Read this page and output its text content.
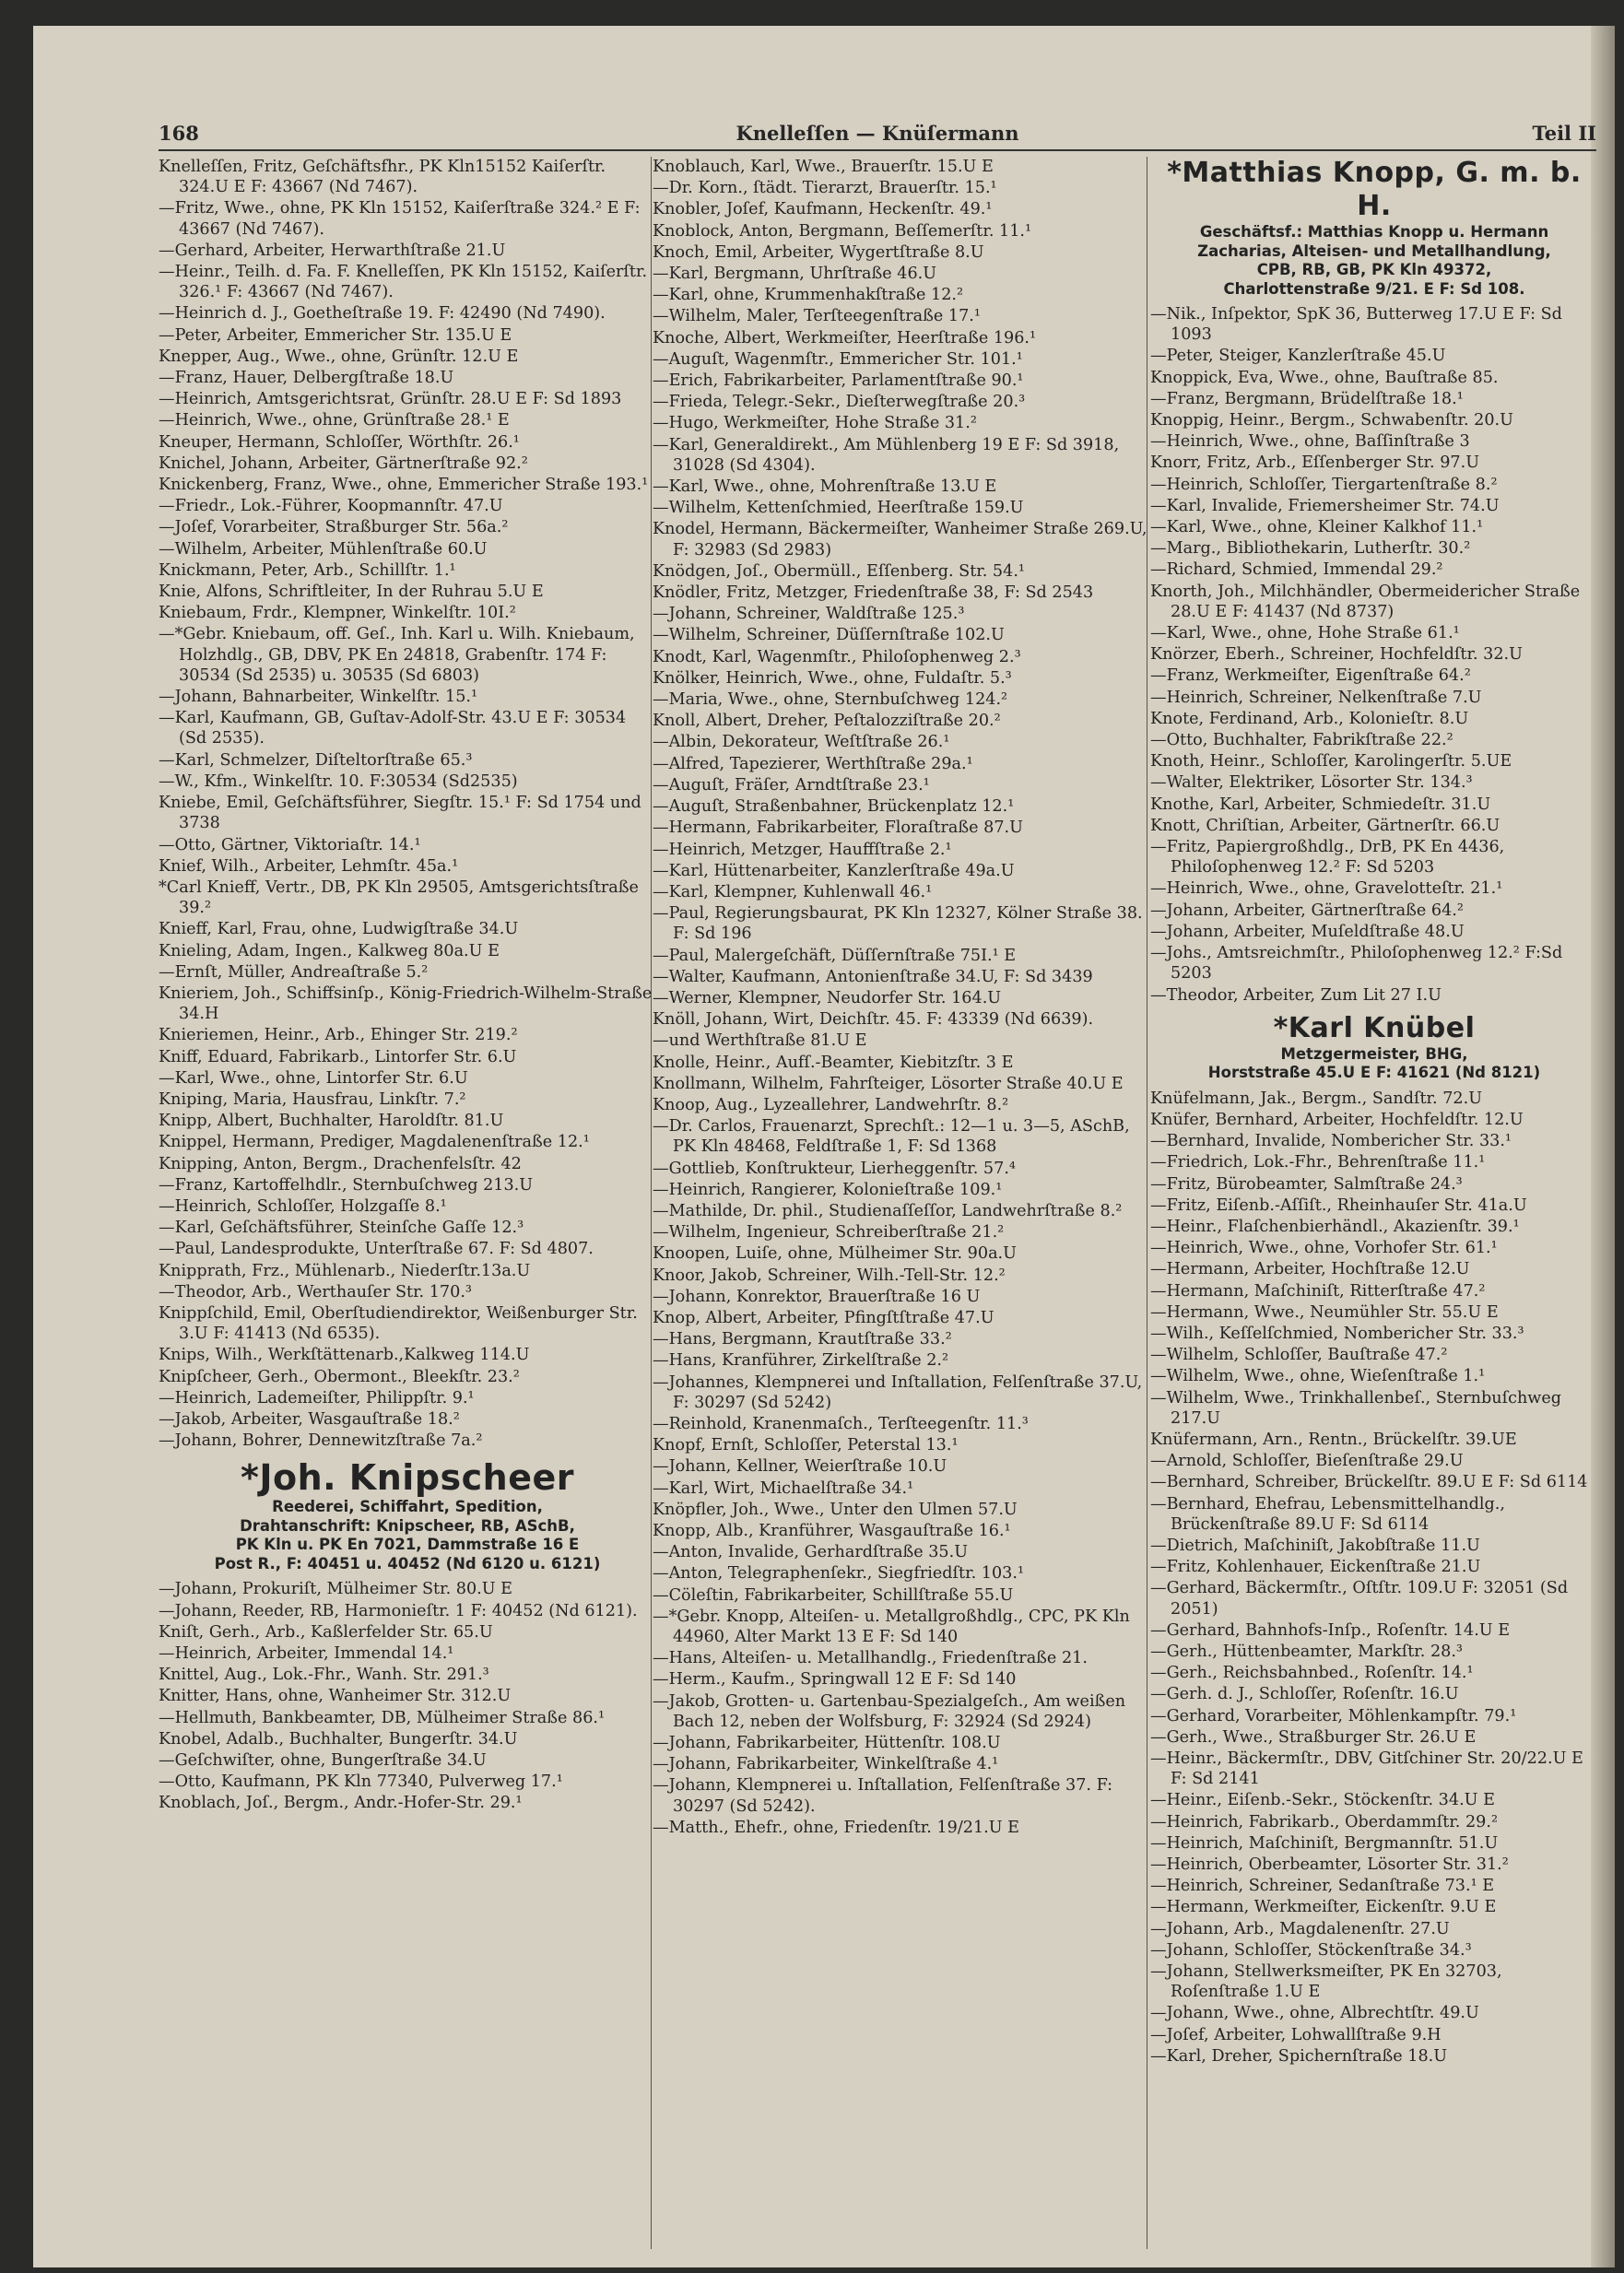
168	Knelleſſen — Knüſermann	Teil II

Knelleſſen, Fritz, Geſchäftsfhr., PK Kln15152 Kaiſerſtr. 324.U E F: 43667 (Nd 7467).

—Fritz, Wwe., ohne, PK Kln 15152, Kaiſerſtraße 324.² E F: 43667 (Nd 7467).

—Gerhard, Arbeiter, Herwarthſtraße 21.U

—Heinr., Teilh. d. Fa. F. Knelleſſen, PK Kln 15152, Kaiſerſtr. 326.¹ F: 43667 (Nd 7467).

—Heinrich d. J., Goetheſtraße 19. F: 42490 (Nd 7490).

—Peter, Arbeiter, Emmericher Str. 135.U E

Knepper, Aug., Wwe., ohne, Grünſtr. 12.U E

—Franz, Hauer, Delbergſtraße 18.U

—Heinrich, Amtsgerichtsrat, Grünſtr. 28.U E F: Sd 1893

—Heinrich, Wwe., ohne, Grünſtraße 28.¹ E

Kneuper, Hermann, Schloſſer, Wörthſtr. 26.¹

Knichel, Johann, Arbeiter, Gärtnerſtraße 92.²

Knickenberg, Franz, Wwe., ohne, Emmericher Straße 193.¹

—Friedr., Lok.-Führer, Koopmannſtr. 47.U

—Joſef, Vorarbeiter, Straßburger Str. 56a.²

—Wilhelm, Arbeiter, Mühlenſtraße 60.U

Knickmann, Peter, Arb., Schillſtr. 1.¹

Knie, Alfons, Schriftleiter, In der Ruhrau 5.U E

Kniebaum, Frdr., Klempner, Winkelſtr. 10I.²

—*Gebr. Kniebaum, off. Geſ., Inh. Karl u. Wilh. Kniebaum, Holzhdlg., GB, DBV, PK En 24818, Grabenſtr. 174 F: 30534 (Sd 2535) u. 30535 (Sd 6803)

—Johann, Bahnarbeiter, Winkelſtr. 15.¹

—Karl, Kaufmann, GB, Guſtav-Adolf-Str. 43.U E F: 30534 (Sd 2535).

—Karl, Schmelzer, Diſteltorſtraße 65.³

—W., Kfm., Winkelſtr. 10. F:30534 (Sd2535)

Kniebe, Emil, Geſchäftsführer, Siegſtr. 15.¹ F: Sd 1754 und 3738

—Otto, Gärtner, Viktoriaſtr. 14.¹

Knief, Wilh., Arbeiter, Lehmſtr. 45a.¹

*Carl Knieff, Vertr., DB, PK Kln 29505, Amtsgerichtsſtraße 39.²

Knieff, Karl, Frau, ohne, Ludwigſtraße 34.U

Knieling, Adam, Ingen., Kalkweg 80a.U E

—Ernſt, Müller, Andreaſtraße 5.²

Knieriem, Joh., Schiffsinſp., König-Friedrich-Wilhelm-Straße 34.H

Knieriemen, Heinr., Arb., Ehinger Str. 219.²

Kniff, Eduard, Fabrikarb., Lintorfer Str. 6.U

—Karl, Wwe., ohne, Lintorfer Str. 6.U

Kniping, Maria, Hausfrau, Linkſtr. 7.²

Knipp, Albert, Buchhalter, Haroldſtr. 81.U

Knippel, Hermann, Prediger, Magdalenenſtraße 12.¹

Knipping, Anton, Bergm., Drachenfelsſtr. 42

—Franz, Kartoffelhdlr., Sternbuſchweg 213.U

—Heinrich, Schloſſer, Holzgaſſe 8.¹

—Karl, Geſchäftsführer, Steinſche Gaſſe 12.³

—Paul, Landesprodukte, Unterſtraße 67. F: Sd 4807.

Knipprath, Frz., Mühlenarb., Niederſtr.13a.U

—Theodor, Arb., Werthauſer Str. 170.³

Knippſchild, Emil, Oberſtudiendirektor, Weißenburger Str. 3.U F: 41413 (Nd 6535).

Knips, Wilh., Werkſtättenarb.,Kalkweg 114.U

Knipſcheer, Gerh., Obermont., Bleekſtr. 23.²

—Heinrich, Lademeiſter, Philippſtr. 9.¹

—Jakob, Arbeiter, Wasgauſtraße 18.²

—Johann, Bohrer, Dennewitzſtraße 7a.²

*Joh. Knipscheer
Reederei, Schiffahrt, Spedition,
Drahtanschrift: Knipscheer, RB, ASchB,
PK Kln u. PK En 7021, Dammstraße 16 E
Post R., F: 40451 u. 40452 (Nd 6120 u. 6121)

—Johann, Prokuriſt, Mülheimer Str. 80.U E

—Johann, Reeder, RB, Harmonieſtr. 1 F: 40452 (Nd 6121).

Kniſt, Gerh., Arb., Kaßlerfelder Str. 65.U

—Heinrich, Arbeiter, Immendal 14.¹

Knittel, Aug., Lok.-Fhr., Wanh. Str. 291.³

Knitter, Hans, ohne, Wanheimer Str. 312.U

—Hellmuth, Bankbeamter, DB, Mülheimer Straße 86.¹

Knobel, Adalb., Buchhalter, Bungerſtr. 34.U

—Geſchwiſter, ohne, Bungerſtraße 34.U

—Otto, Kaufmann, PK Kln 77340, Pulverweg 17.¹

Knoblach, Joſ., Bergm., Andr.-Hofer-Str. 29.¹

Knoblauch, Karl, Wwe., Brauerſtr. 15.U E

—Dr. Korn., ſtädt. Tierarzt, Brauerſtr. 15.¹

Knobler, Joſef, Kaufmann, Heckenſtr. 49.¹

Knoblock, Anton, Bergmann, Beſſemerſtr. 11.¹

Knoch, Emil, Arbeiter, Wygertſtraße 8.U

—Karl, Bergmann, Uhrſtraße 46.U

—Karl, ohne, Krummenhakſtraße 12.²

—Wilhelm, Maler, Terſteegenſtraße 17.¹

Knoche, Albert, Werkmeiſter, Heerſtraße 196.¹

—Auguſt, Wagenmſtr., Emmericher Str. 101.¹

—Erich, Fabrikarbeiter, Parlamentſtraße 90.¹

—Frieda, Telegr.-Sekr., Dieſterwegſtraße 20.³

—Hugo, Werkmeiſter, Hohe Straße 31.²

—Karl, Generaldirekt., Am Mühlenberg 19 E F: Sd 3918, 31028 (Sd 4304).

—Karl, Wwe., ohne, Mohrenſtraße 13.U E

—Wilhelm, Kettenſchmied, Heerſtraße 159.U

Knodel, Hermann, Bäckermeiſter, Wanheimer Straße 269.U, F: 32983 (Sd 2983)

Knödgen, Joſ., Obermüll., Eſſenberg. Str. 54.¹

Knödler, Fritz, Metzger, Friedenſtraße 38, F: Sd 2543

—Johann, Schreiner, Waldſtraße 125.³

—Wilhelm, Schreiner, Düſſernſtraße 102.U

Knodt, Karl, Wagenmſtr., Philoſophenweg 2.³

Knölker, Heinrich, Wwe., ohne, Fuldaſtr. 5.³

—Maria, Wwe., ohne, Sternbuſchweg 124.²

Knoll, Albert, Dreher, Peſtalozziſtraße 20.²

—Albin, Dekorateur, Weſtſtraße 26.¹

—Alfred, Tapezierer, Werthſtraße 29a.¹

—Auguſt, Fräſer, Arndtſtraße 23.¹

—Auguſt, Straßenbahner, Brückenplatz 12.¹

—Hermann, Fabrikarbeiter, Floraſtraße 87.U

—Heinrich, Metzger, Hauffſtraße 2.¹

—Karl, Hüttenarbeiter, Kanzlerſtraße 49a.U

—Karl, Klempner, Kuhlenwall 46.¹

—Paul, Regierungsbaurat, PK Kln 12327, Kölner Straße 38. F: Sd 196

—Paul, Malergeſchäft, Düſſernſtraße 75I.¹ E

—Walter, Kaufmann, Antonienſtraße 34.U, F: Sd 3439

—Werner, Klempner, Neudorfer Str. 164.U

Knöll, Johann, Wirt, Deichſtr. 45. F: 43339 (Nd 6639).

—und Werthſtraße 81.U E

Knolle, Heinr., Aufſ.-Beamter, Kiebitzſtr. 3 E

Knollmann, Wilhelm, Fahrſteiger, Lösorter Straße 40.U E

Knoop, Aug., Lyzeallehrer, Landwehrſtr. 8.²

—Dr. Carlos, Frauenarzt, Sprechſt.: 12—1 u. 3—5, ASchB, PK Kln 48468, Feldſtraße 1, F: Sd 1368

—Gottlieb, Konſtrukteur, Lierheggenſtr. 57.⁴

—Heinrich, Rangierer, Kolonieſtraße 109.¹

—Mathilde, Dr. phil., Studienaſſeſſor, Landwehrſtraße 8.²

—Wilhelm, Ingenieur, Schreiberſtraße 21.²

Knoopen, Luiſe, ohne, Mülheimer Str. 90a.U

Knoor, Jakob, Schreiner, Wilh.-Tell-Str. 12.²

—Johann, Konrektor, Brauerſtraße 16 U

Knop, Albert, Arbeiter, Pfingſtſtraße 47.U

—Hans, Bergmann, Krautſtraße 33.²

—Hans, Kranführer, Zirkelſtraße 2.²

—Johannes, Klempnerei und Inſtallation, Felſenſtraße 37.U, F: 30297 (Sd 5242)

—Reinhold, Kranenmaſch., Terſteegenſtr. 11.³

Knopf, Ernſt, Schloſſer, Peterstal 13.¹

—Johann, Kellner, Weierſtraße 10.U

—Karl, Wirt, Michaelſtraße 34.¹

Knöpfler, Joh., Wwe., Unter den Ulmen 57.U

Knopp, Alb., Kranführer, Wasgauſtraße 16.¹

—Anton, Invalide, Gerhardſtraße 35.U

—Anton, Telegraphenſekr., Siegfriedſtr. 103.¹

—Cöleſtin, Fabrikarbeiter, Schillſtraße 55.U

—*Gebr. Knopp, Alteiſen- u. Metallgroßhdlg., CPC, PK Kln 44960, Alter Markt 13 E F: Sd 140

—Hans, Alteiſen- u. Metallhandlg., Friedenſtraße 21.

—Herm., Kaufm., Springwall 12 E F: Sd 140

—Jakob, Grotten- u. Gartenbau-Spezialgeſch., Am weißen Bach 12, neben der Wolfsburg, F: 32924 (Sd 2924)

—Johann, Fabrikarbeiter, Hüttenſtr. 108.U

—Johann, Fabrikarbeiter, Winkelſtraße 4.¹

—Johann, Klempnerei u. Inſtallation, Felſenſtraße 37. F: 30297 (Sd 5242).

—Matth., Ehefr., ohne, Friedenſtr. 19/21.U E

*Matthias Knopp, G. m. b. H.
Geschäftsf.: Matthias Knopp u. Hermann
Zacharias, Alteisen- und Metallhandlung,
CPB, RB, GB, PK Kln 49372,
Charlottenstraße 9/21. E F: Sd 108.

—Nik., Inſpektor, SpK 36, Butterweg 17.U E F: Sd 1093

—Peter, Steiger, Kanzlerſtraße 45.U

Knoppick, Eva, Wwe., ohne, Bauſtraße 85.

—Franz, Bergmann, Brüdelſtraße 18.¹

Knoppig, Heinr., Bergm., Schwabenſtr. 20.U

—Heinrich, Wwe., ohne, Baſſinſtraße 3

Knorr, Fritz, Arb., Eſſenberger Str. 97.U

—Heinrich, Schloſſer, Tiergartenſtraße 8.²

—Karl, Invalide, Friemersheimer Str. 74.U

—Karl, Wwe., ohne, Kleiner Kalkhof 11.¹

—Marg., Bibliothekarin, Lutherſtr. 30.²

—Richard, Schmied, Immendal 29.²

Knorth, Joh., Milchhändler, Obermeidericher Straße 28.U E F: 41437 (Nd 8737)

—Karl, Wwe., ohne, Hohe Straße 61.¹

Knörzer, Eberh., Schreiner, Hochfeldſtr. 32.U

—Franz, Werkmeiſter, Eigenſtraße 64.²

—Heinrich, Schreiner, Nelkenſtraße 7.U

Knote, Ferdinand, Arb., Kolonieſtr. 8.U

—Otto, Buchhalter, Fabrikſtraße 22.²

Knoth, Heinr., Schloſſer, Karolingerſtr. 5.UE

—Walter, Elektriker, Lösorter Str. 134.³

Knothe, Karl, Arbeiter, Schmiedeſtr. 31.U

Knott, Chriſtian, Arbeiter, Gärtnerſtr. 66.U

—Fritz, Papiergroßhdlg., DrB, PK En 4436, Philoſophenweg 12.² F: Sd 5203

—Heinrich, Wwe., ohne, Gravelotteſtr. 21.¹

—Johann, Arbeiter, Gärtnerſtraße 64.²

—Johann, Arbeiter, Muſeldſtraße 48.U

—Johs., Amtsreichmſtr., Philoſophenweg 12.² F:Sd 5203

—Theodor, Arbeiter, Zum Lit 27 I.U

*Karl Knübel
Metzgermeister, BHG,
Horststraße 45.U E F: 41621 (Nd 8121)

Knüfelmann, Jak., Bergm., Sandſtr. 72.U

Knüfer, Bernhard, Arbeiter, Hochfeldſtr. 12.U

—Bernhard, Invalide, Nombericher Str. 33.¹

—Friedrich, Lok.-Fhr., Behrenſtraße 11.¹

—Fritz, Bürobeamter, Salmſtraße 24.³

—Fritz, Eiſenb.-Aſſiſt., Rheinhauſer Str. 41a.U

—Heinr., Flaſchenbierhändl., Akazienſtr. 39.¹

—Heinrich, Wwe., ohne, Vorhofer Str. 61.¹

—Hermann, Arbeiter, Hochſtraße 12.U

—Hermann, Maſchiniſt, Ritterſtraße 47.²

—Hermann, Wwe., Neumühler Str. 55.U E

—Wilh., Keſſelſchmied, Nombericher Str. 33.³

—Wilhelm, Schloſſer, Bauſtraße 47.²

—Wilhelm, Wwe., ohne, Wieſenſtraße 1.¹

—Wilhelm, Wwe., Trinkhallenbeſ., Sternbuſchweg 217.U

Knüfermann, Arn., Rentn., Brückelſtr. 39.UE

—Arnold, Schloſſer, Bieſenſtraße 29.U

—Bernhard, Schreiber, Brückelſtr. 89.U E F: Sd 6114

—Bernhard, Ehefrau, Lebensmittelhandlg., Brückenſtraße 89.U F: Sd 6114

—Dietrich, Maſchiniſt, Jakobſtraße 11.U

—Fritz, Kohlenhauer, Eickenſtraße 21.U

—Gerhard, Bäckermſtr., Oſtſtr. 109.U F: 32051 (Sd 2051)

—Gerhard, Bahnhofs-Inſp., Roſenſtr. 14.U E

—Gerh., Hüttenbeamter, Markſtr. 28.³

—Gerh., Reichsbahnbed., Roſenſtr. 14.¹

—Gerh. d. J., Schloſſer, Roſenſtr. 16.U

—Gerhard, Vorarbeiter, Möhlenkampſtr. 79.¹

—Gerh., Wwe., Straßburger Str. 26.U E

—Heinr., Bäckermſtr., DBV, Gitſchiner Str. 20/22.U E F: Sd 2141

—Heinr., Eiſenb.-Sekr., Stöckenſtr. 34.U E

—Heinrich, Fabrikarb., Oberdammſtr. 29.²

—Heinrich, Maſchiniſt, Bergmannſtr. 51.U

—Heinrich, Oberbeamter, Lösorter Str. 31.²

—Heinrich, Schreiner, Sedanſtraße 73.¹ E

—Hermann, Werkmeiſter, Eickenſtr. 9.U E

—Johann, Arb., Magdalenenſtr. 27.U

—Johann, Schloſſer, Stöckenſtraße 34.³

—Johann, Stellwerksmeiſter, PK En 32703, Roſenſtraße 1.U E

—Johann, Wwe., ohne, Albrechtſtr. 49.U

—Joſef, Arbeiter, Lohwallſtraße 9.H

—Karl, Dreher, Spichernſtraße 18.U
